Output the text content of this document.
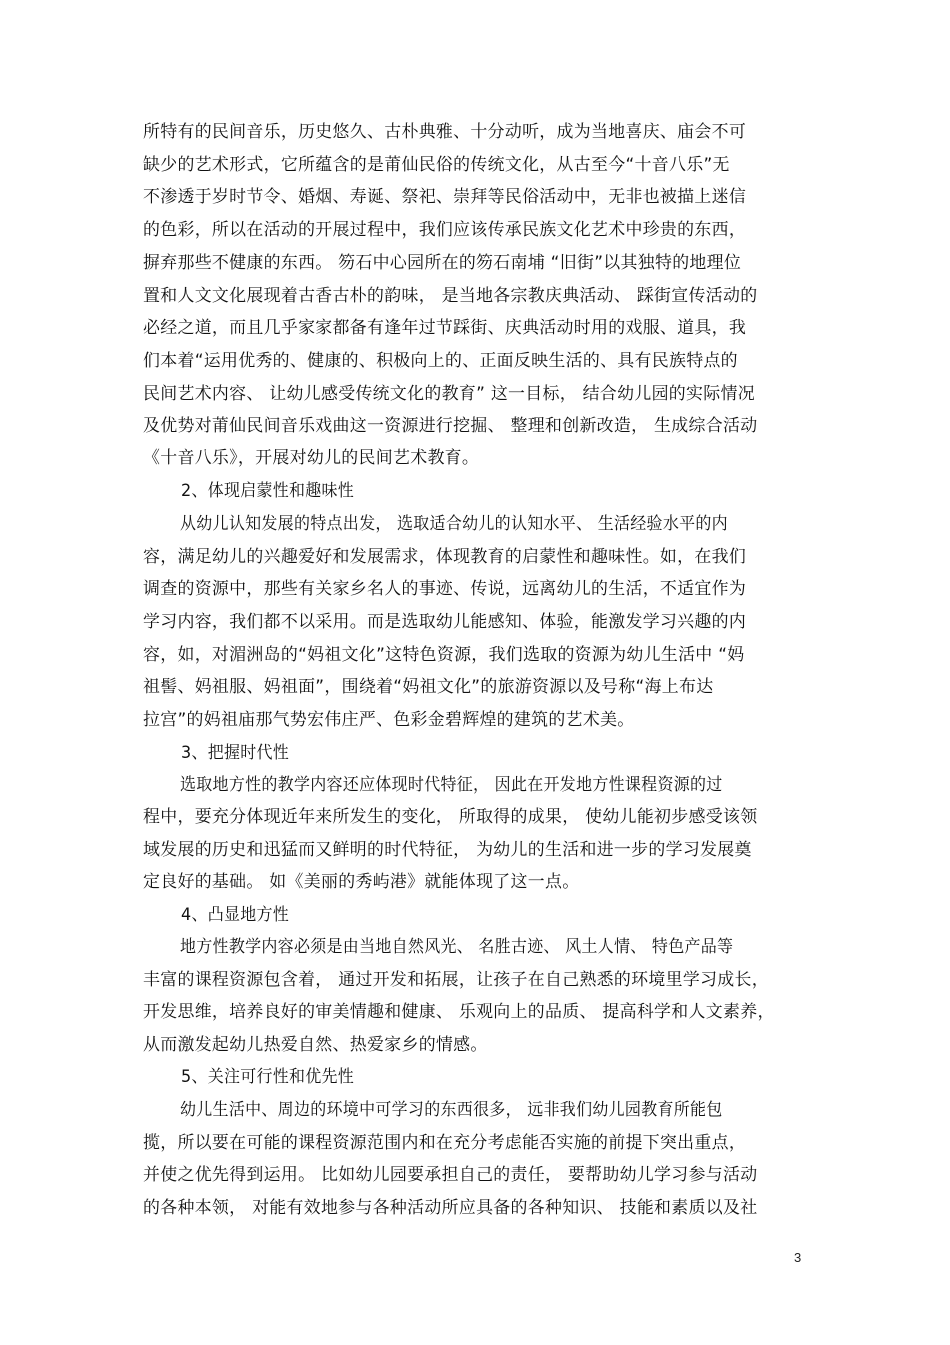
所特有的民间音乐，历史悠久、古朴典雅、十分动听，成为当地喜庆、庙会不可
缺少的艺术形式，它所蕴含的是莆仙民俗的传统文化，从古至今“十音八乐”无
不渗透于岁时节令、婚烟、寿诞、祭祀、崇拜等民俗活动中，无非也被描上迷信
的色彩，所以在活动的开展过程中，我们应该传承民族文化艺术中珍贵的东西，
摒弃那些不健康的东西。 笏石中心园所在的笏石南埔 “旧街”以其独特的地理位
置和人文文化展现着古香古朴的韵味， 是当地各宗教庆典活动、 踩街宣传活动的
必经之道，而且几乎家家都备有逢年过节踩街、庆典活动时用的戏服、道具，我
们本着“运用优秀的、健康的、积极向上的、正面反映生活的、具有民族特点的
民间艺术内容、 让幼儿感受传统文化的教育” 这一目标， 结合幼儿园的实际情况
及优势对莆仙民间音乐戏曲这一资源进行挖掘、 整理和创新改造， 生成综合活动
《十音八乐》，开展对幼儿的民间艺术教育。
2、体现启蒙性和趣味性
从幼儿认知发展的特点出发， 选取适合幼儿的认知水平、 生活经验水平的内
容，满足幼儿的兴趣爱好和发展需求，体现教育的启蒙性和趣味性。如，在我们
调查的资源中，那些有关家乡名人的事迹、传说，远离幼儿的生活，不适宜作为
学习内容，我们都不以采用。而是选取幼儿能感知、体验，能激发学习兴趣的内
容，如，对湄洲岛的“妈祖文化”这特色资源，我们选取的资源为幼儿生活中 “妈
祖髻、妈祖服、妈祖面”，围绕着“妈祖文化”的旅游资源以及号称“海上布达
拉宫”的妈祖庙那气势宏伟庄严、色彩金碧辉煌的建筑的艺术美。
3、把握时代性
选取地方性的教学内容还应体现时代特征， 因此在开发地方性课程资源的过
程中，要充分体现近年来所发生的变化， 所取得的成果， 使幼儿能初步感受该领
域发展的历史和迅猛而又鲜明的时代特征， 为幼儿的生活和进一步的学习发展奠
定良好的基础。 如《美丽的秀屿港》就能体现了这一点。
4、凸显地方性
地方性教学内容必须是由当地自然风光、 名胜古迹、 风土人情、 特色产品等
丰富的课程资源包含着， 通过开发和拓展，让孩子在自己熟悉的环境里学习成长，
开发思维，培养良好的审美情趣和健康、 乐观向上的品质、 提高科学和人文素养，
从而激发起幼儿热爱自然、热爱家乡的情感。
5、关注可行性和优先性
幼儿生活中、周边的环境中可学习的东西很多， 远非我们幼儿园教育所能包
揽，所以要在可能的课程资源范围内和在充分考虑能否实施的前提下突出重点，
并使之优先得到运用。 比如幼儿园要承担自己的责任， 要帮助幼儿学习参与活动
的各种本领， 对能有效地参与各种活动所应具备的各种知识、 技能和素质以及社
3
